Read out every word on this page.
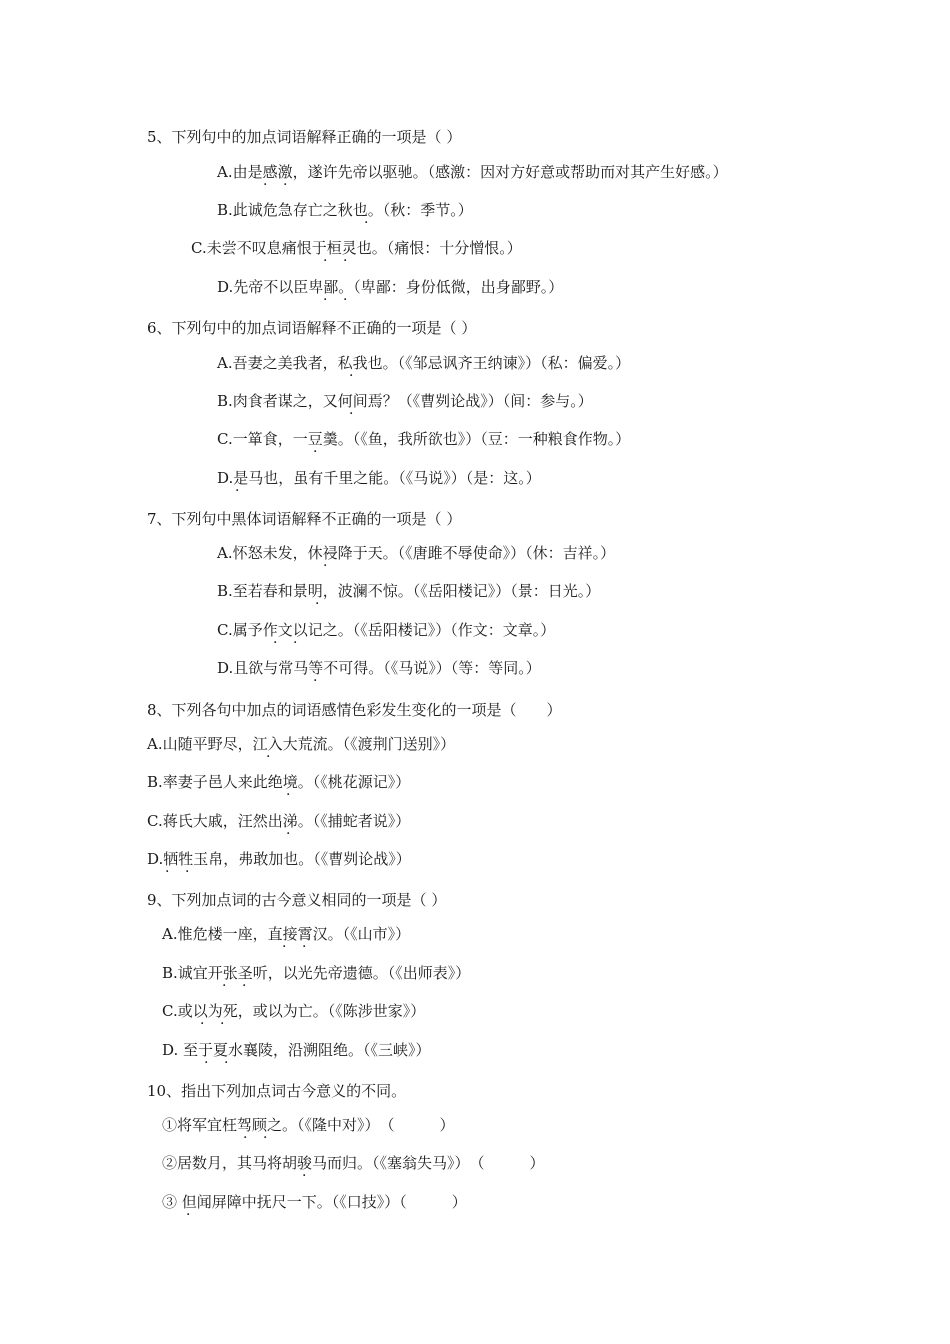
5、下列句中的加点词语解释正确的一项是（ ）
A.由是感激，遂许先帝以驱驰。（感激：因对方好意或帮助而对其产生好感。）
B.此诚危急存亡之秋也。（秋：季节。）
C.未尝不叹息痛恨于桓灵也。（痛恨：十分憎恨。）
D.先帝不以臣卑鄙。（卑鄙：身份低微，出身鄙野。）
6、下列句中的加点词语解释不正确的一项是（ ）
A.吾妻之美我者，私我也。（《邹忌讽齐王纳谏》）（私：偏爱。）
B.肉食者谋之，又何间焉？（《曹刿论战》）（间：参与。）
C.一箪食，一豆羹。（《鱼，我所欲也》）（豆：一种粮食作物。）
D.是马也，虽有千里之能。（《马说》）（是：这。）
7、下列句中黑体词语解释不正确的一项是（ ）
A.怀怒未发，休祲降于天。（《唐雎不辱使命》）（休：吉祥。）
B.至若春和景明，波澜不惊。（《岳阳楼记》）（景：日光。）
C.属予作文以记之。（《岳阳楼记》）（作文：文章。）
D.且欲与常马等不可得。（《马说》）（等：等同。）
8、下列各句中加点的词语感情色彩发生变化的一项是（　　）
A.山随平野尽，江入大荒流。（《渡荆门送别》）
B.率妻子邑人来此绝境。（《桃花源记》）
C.蒋氏大戚，汪然出涕。（《捕蛇者说》）
D.牺牲玉帛，弗敢加也。（《曹刿论战》）
9、下列加点词的古今意义相同的一项是（ ）
A.惟危楼一座，直接霄汉。（《山市》）
B.诚宜开张圣听，以光先帝遗德。（《出师表》）
C.或以为死，或以为亡。（《陈涉世家》）
D. 至于夏水襄陵，沿溯阻绝。（《三峡》）
10、指出下列加点词古今意义的不同。
①将军宜枉驾顾之。（《隆中对》）　（　　　）
②居数月，其马将胡骏马而归。（《塞翁失马》）　（　　　）
③ 但闻屏障中抚尺一下。（《口技》）（　　　）
· ·
·
· ·
· ·
·
·
·
·
·
·
· ·
·
·
·
·
· ·
· ·
· ·
· ·
· ·
· ·
·
·
